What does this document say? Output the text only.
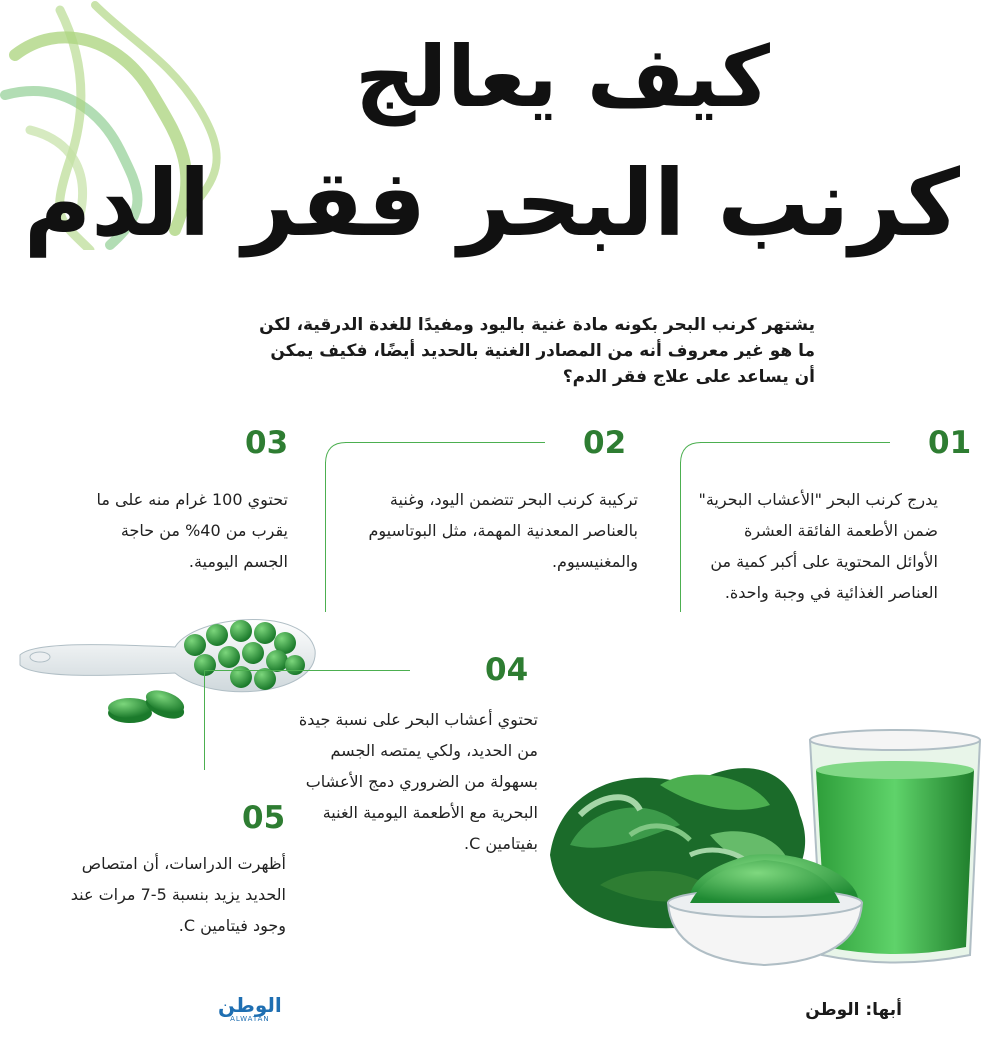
كيف يعالج
كرنب البحر فقر الدم
يشتهر كرنب البحر بكونه مادة غنية باليود ومفيدًا للغدة الدرقية، لكن ما هو غير معروف أنه من المصادر الغنية بالحديد أيضًا، فكيف يمكن أن يساعد على علاج فقر الدم؟
01
يدرج كرنب البحر "الأعشاب البحرية" ضمن الأطعمة الفائقة العشرة الأوائل المحتوية على أكبر كمية من العناصر الغذائية في وجبة واحدة.
02
تركيبة كرنب البحر تتضمن اليود، وغنية بالعناصر المعدنية المهمة، مثل البوتاسيوم والمغنيسيوم.
03
تحتوي 100 غرام منه على ما يقرب من 40% من حاجة الجسم اليومية.
04
تحتوي أعشاب البحر على نسبة جيدة من الحديد، ولكي يمتصه الجسم بسهولة من الضروري دمج الأعشاب البحرية مع الأطعمة اليومية الغنية بفيتامين C.
05
أظهرت الدراسات، أن امتصاص الحديد يزيد بنسبة 5-7 مرات عند وجود فيتامين C.
أبها: الوطن
الوطن
ALWATAN
